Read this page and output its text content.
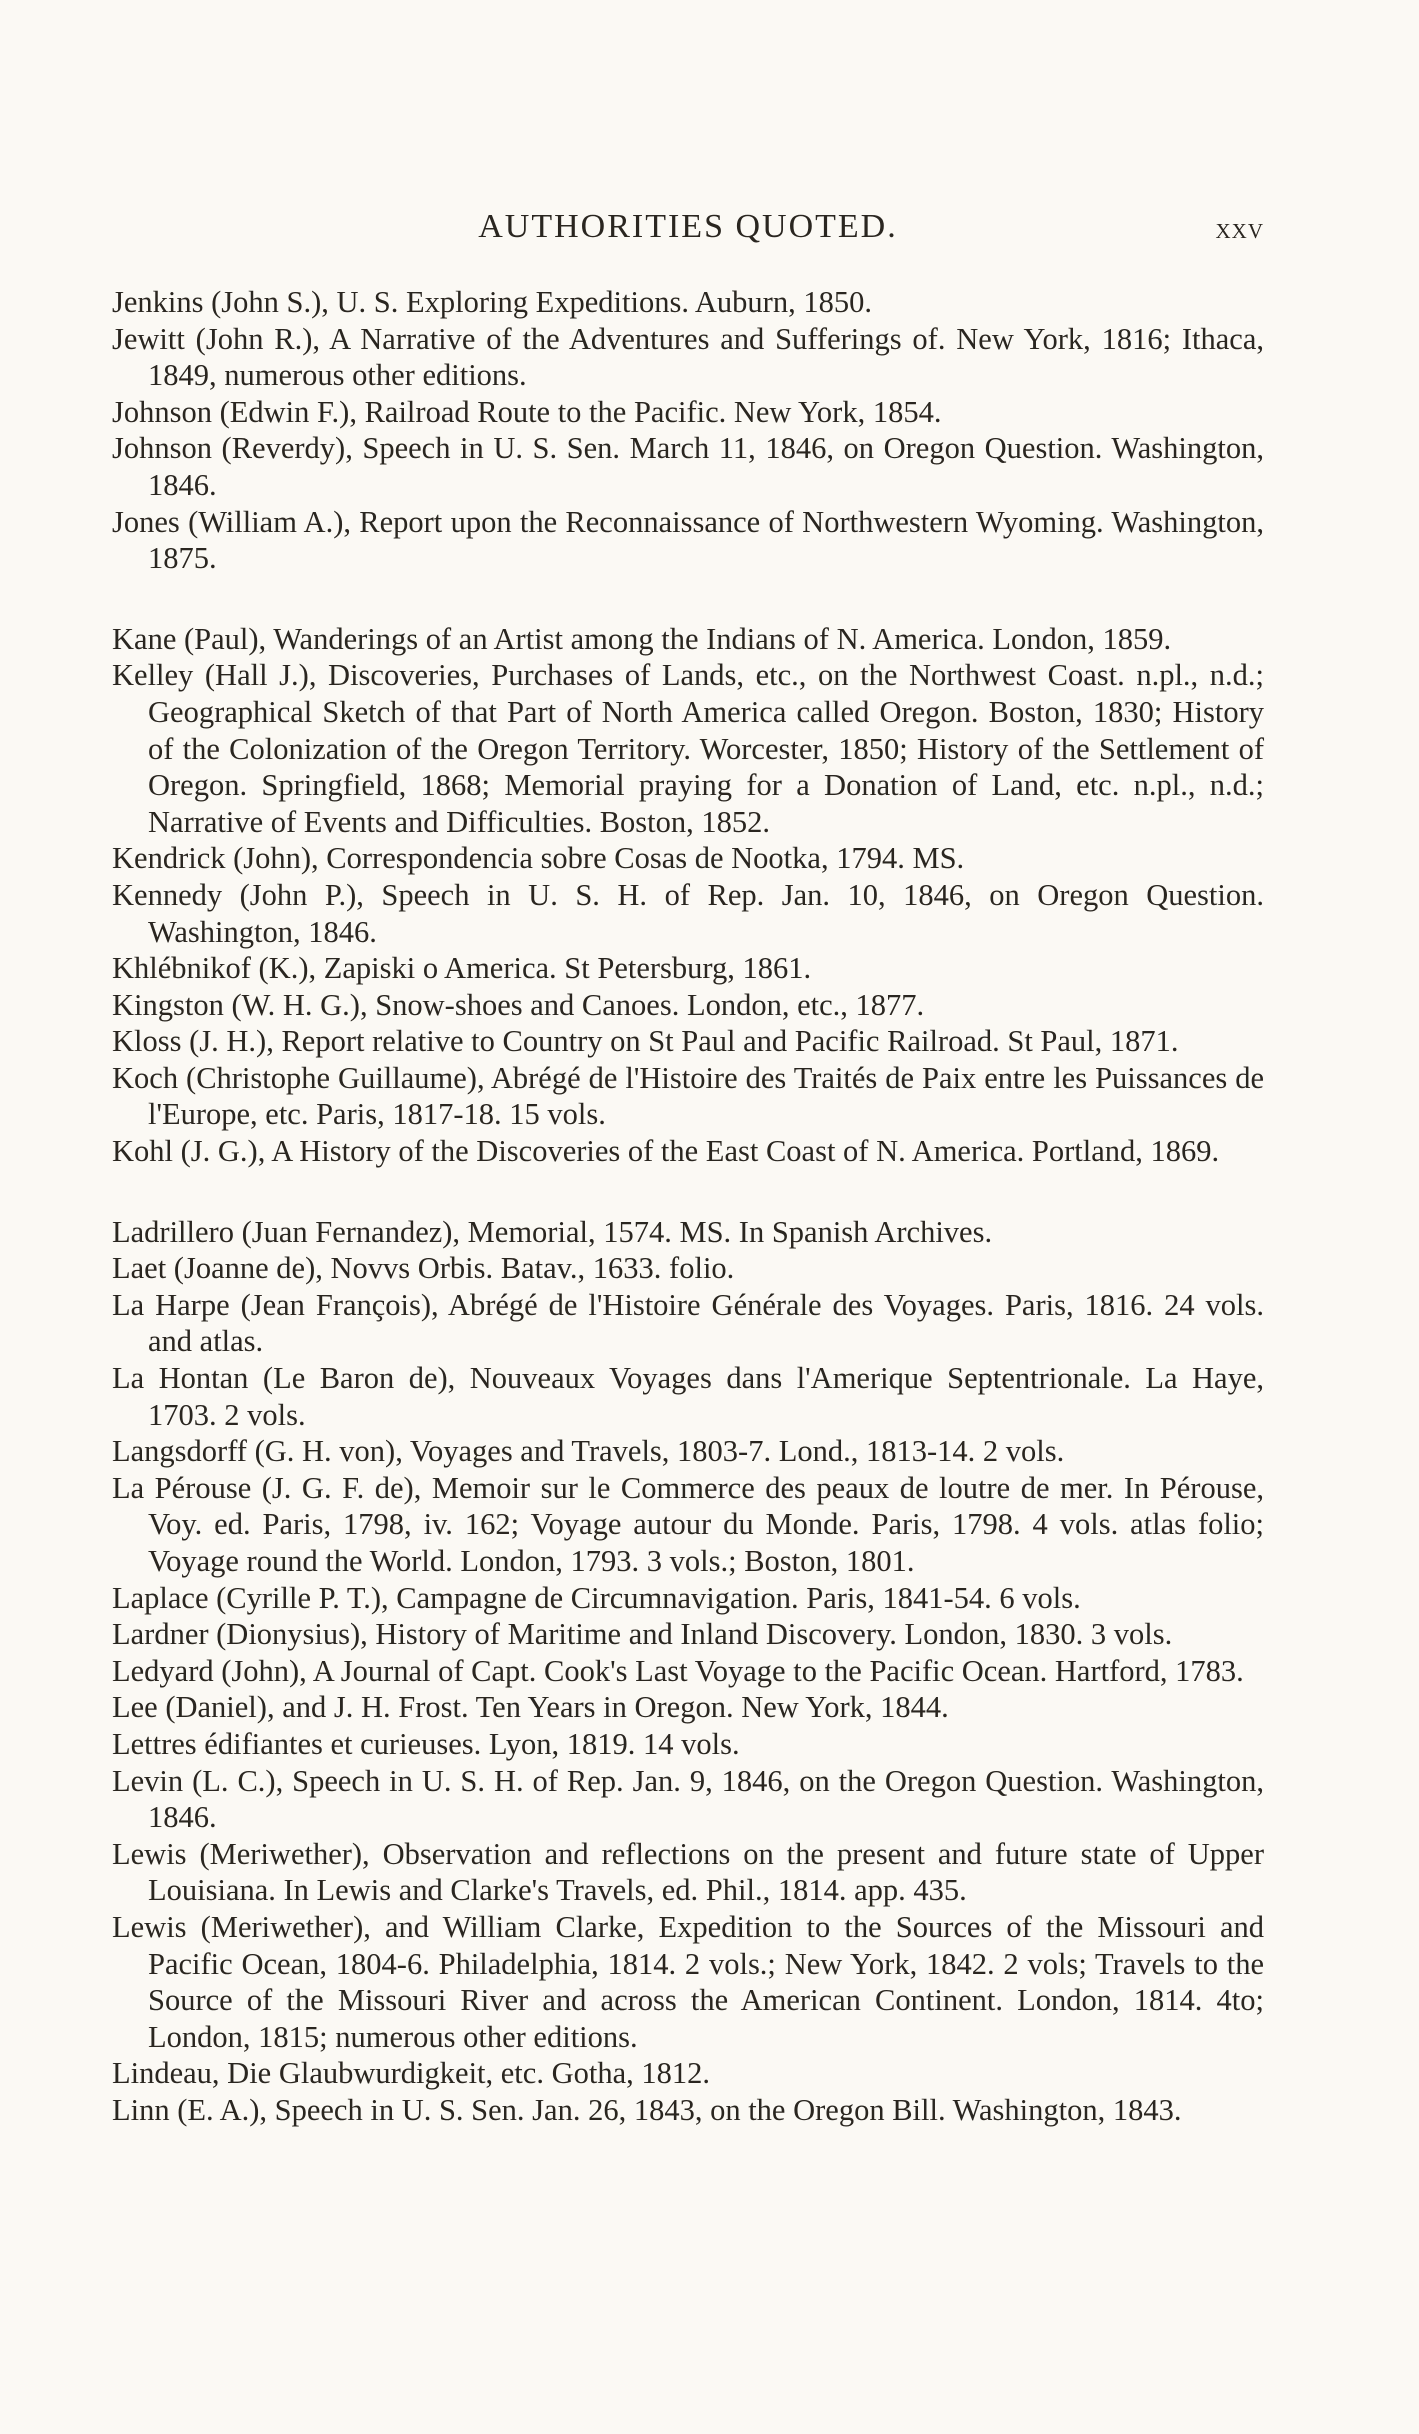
AUTHORITIES QUOTED.	xxv

Jenkins (John S.), U. S. Exploring Expeditions. Auburn, 1850.

Jewitt (John R.), A Narrative of the Adventures and Sufferings of. New York, 1816; Ithaca, 1849, numerous other editions.

Johnson (Edwin F.), Railroad Route to the Pacific. New York, 1854.

Johnson (Reverdy), Speech in U. S. Sen. March 11, 1846, on Oregon Question. Washington, 1846.

Jones (William A.), Report upon the Reconnaissance of Northwestern Wyoming. Washington, 1875.

Kane (Paul), Wanderings of an Artist among the Indians of N. America. London, 1859.

Kelley (Hall J.), Discoveries, Purchases of Lands, etc., on the Northwest Coast. n.pl., n.d.; Geographical Sketch of that Part of North America called Oregon. Boston, 1830; History of the Colonization of the Oregon Territory. Worcester, 1850; History of the Settlement of Oregon. Springfield, 1868; Memorial praying for a Donation of Land, etc. n.pl., n.d.; Narrative of Events and Difficulties. Boston, 1852.

Kendrick (John), Correspondencia sobre Cosas de Nootka, 1794. MS.

Kennedy (John P.), Speech in U. S. H. of Rep. Jan. 10, 1846, on Oregon Question. Washington, 1846.

Khlébnikof (K.), Zapiski o America. St Petersburg, 1861.

Kingston (W. H. G.), Snow-shoes and Canoes. London, etc., 1877.

Kloss (J. H.), Report relative to Country on St Paul and Pacific Railroad. St Paul, 1871.

Koch (Christophe Guillaume), Abrégé de l'Histoire des Traités de Paix entre les Puissances de l'Europe, etc. Paris, 1817-18. 15 vols.

Kohl (J. G.), A History of the Discoveries of the East Coast of N. America. Portland, 1869.

Ladrillero (Juan Fernandez), Memorial, 1574. MS. In Spanish Archives.

Laet (Joanne de), Novvs Orbis. Batav., 1633. folio.

La Harpe (Jean François), Abrégé de l'Histoire Générale des Voyages. Paris, 1816. 24 vols. and atlas.

La Hontan (Le Baron de), Nouveaux Voyages dans l'Amerique Septentrionale. La Haye, 1703. 2 vols.

Langsdorff (G. H. von), Voyages and Travels, 1803-7. Lond., 1813-14. 2 vols.

La Pérouse (J. G. F. de), Memoir sur le Commerce des peaux de loutre de mer. In Pérouse, Voy. ed. Paris, 1798, iv. 162; Voyage autour du Monde. Paris, 1798. 4 vols. atlas folio; Voyage round the World. London, 1793. 3 vols.; Boston, 1801.

Laplace (Cyrille P. T.), Campagne de Circumnavigation. Paris, 1841-54. 6 vols.

Lardner (Dionysius), History of Maritime and Inland Discovery. London, 1830. 3 vols.

Ledyard (John), A Journal of Capt. Cook's Last Voyage to the Pacific Ocean. Hartford, 1783.

Lee (Daniel), and J. H. Frost. Ten Years in Oregon. New York, 1844.

Lettres édifiantes et curieuses. Lyon, 1819. 14 vols.

Levin (L. C.), Speech in U. S. H. of Rep. Jan. 9, 1846, on the Oregon Question. Washington, 1846.

Lewis (Meriwether), Observation and reflections on the present and future state of Upper Louisiana. In Lewis and Clarke's Travels, ed. Phil., 1814. app. 435.

Lewis (Meriwether), and William Clarke, Expedition to the Sources of the Missouri and Pacific Ocean, 1804-6. Philadelphia, 1814. 2 vols.; New York, 1842. 2 vols; Travels to the Source of the Missouri River and across the American Continent. London, 1814. 4to; London, 1815; numerous other editions.

Lindeau, Die Glaubwurdigkeit, etc. Gotha, 1812.

Linn (E. A.), Speech in U. S. Sen. Jan. 26, 1843, on the Oregon Bill. Washington, 1843.
